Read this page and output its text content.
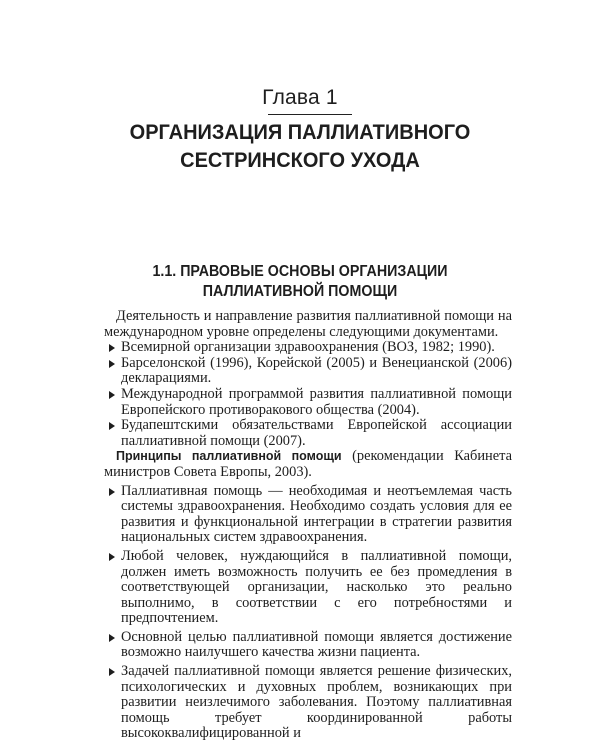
Глава 1
ОРГАНИЗАЦИЯ ПАЛЛИАТИВНОГО
СЕСТРИНСКОГО УХОДА
1.1. ПРАВОВЫЕ ОСНОВЫ ОРГАНИЗАЦИИ
ПАЛЛИАТИВНОЙ ПОМОЩИ

Деятельность и направление развития паллиативной помощи на международном уровне определены следующими документами.

Всемирной организации здравоохранения (ВОЗ, 1982; 1990).
Барселонской (1996), Корейской (2005) и Венецианской (2006) декларациями.
Международной программой развития паллиативной помощи Европейского противоракового общества (2004).
Будапештскими обязательствами Европейской ассоциации паллиативной помощи (2007).

Принципы паллиативной помощи (рекомендации Кабинета министров Совета Европы, 2003).

Паллиативная помощь — необходимая и неотъемлемая часть системы здравоохранения. Необходимо создать условия для ее развития и функциональной интеграции в стратегии развития национальных систем здравоохранения.
Любой человек, нуждающийся в паллиативной помощи, должен иметь возможность получить ее без промедления в соответствующей организации, насколько это реально выполнимо, в соответствии с его потребностями и предпочтением.
Основной целью паллиативной помощи является достижение возможно наилучшего качества жизни пациента.
Задачей паллиативной помощи является решение физических, психологических и духовных проблем, возникающих при развитии неизлечимого заболевания. Поэтому паллиативная помощь требует координированной работы высококвалифицированной и
